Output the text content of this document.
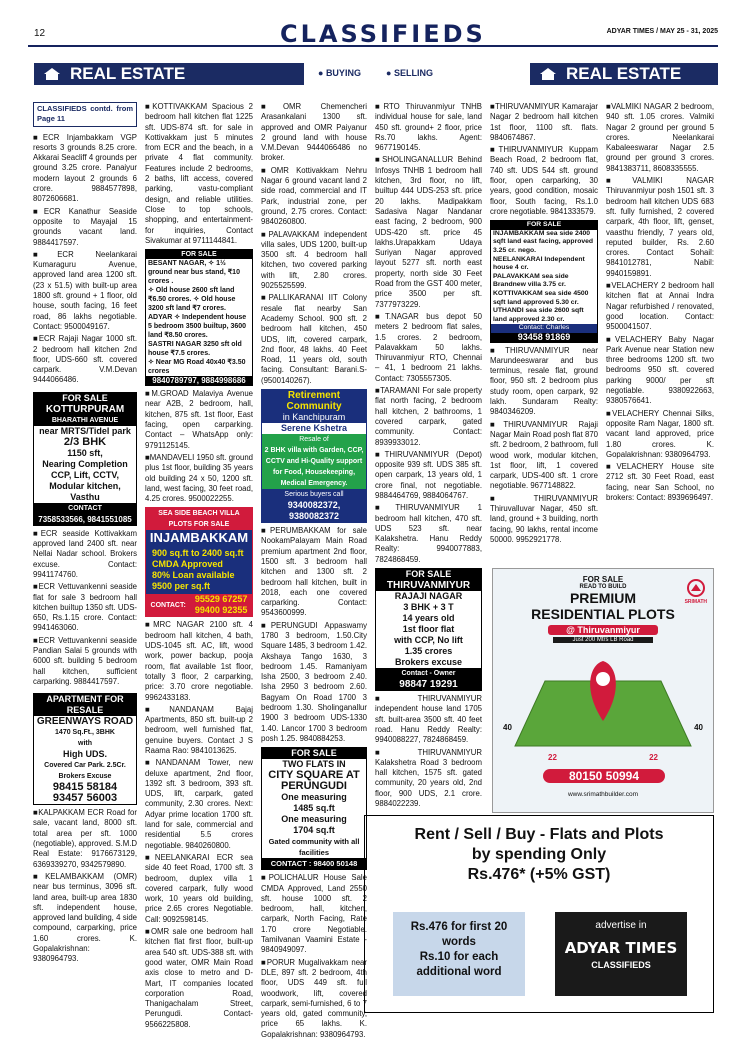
12	CLASSIFIEDS	ADYAR TIMES / MAY 25 - 31, 2025
REAL ESTATE	● BUYING	● SELLING	REAL ESTATE
CLASSIFIEDS contd. from Page 11

■ECR Injambakkam VGP resorts 3 grounds 8.25 crore. Akkarai Seacliff 4 grounds per ground 3.25 crore. Panaiyur modern layout 2 grounds 6 crore. 9884577898, 8072606681.

■ECR Kanathur Seaside opposite to Mayajal 15 grounds vacant land. 9884417597.

■ECR Neelankarai Kumaraguru Avenue, approved land area 1200 sft. (23 x 51.5) with built-up area 1800 sft. ground + 1 floor, old house, south facing, 16 feet road, 86 lakhs negotiable. Contact: 9500049167.

■ECR Rajaji Nagar 1000 sft. 2 bedroom hall kitchen 2nd floor, UDS-660 sft. covered carpark. V.M.Devan 9444066486.

FOR SALE
KOTTURPURAM
BHARATHI AVENUE
near MRTS/Tidel park
2/3 BHK
1150 sft,
Nearing Completion
CCP, Lift, CCTV,
Modular kitchen, Vasthu
CONTACT
7358533566, 9841551085

■ECR seaside Kottivakkam approved land 2400 sft. near Nellai Nadar school. Brokers excuse. Contact: 9941174760.

■ECR Vettuvankenni seaside flat for sale 3 bedroom hall kitchen builtup 1350 sft. UDS-650, Rs.1.15 crore. Contact: 9941463060.

■ECR Vettuvankenni seaside Pandian Salai 5 grounds with 6000 sft. building 5 bedroom hall kitchen, sufficient carparking. 9884417597.

APARTMENT FOR RESALE
GREENWAYS ROAD
1470 Sq.Ft., 3BHK
with
High UDS.
Covered Car Park. 2.5Cr.
Brokers Excuse
98415 58184
93457 56003

■KALPAKKAM ECR Road for sale, vacant land, 8000 sft. total area per sft. 1000 (negotiable), approved. S.M.D Real Estate: 9176673129, 6369339270, 9342579890.

■KELAMBAKKAM (OMR) near bus terminus, 3096 sft. land area, built-up area 1830 sft. independent house, approved land building, 4 side compound, carparking, price 1.60 crores. K. Gopalakrishnan: 9380964793.

■KOTTIVAKKAM Spacious 2 bedroom hall kitchen flat 1225 sft. UDS-874 sft. for sale in Kottivakkam just 5 minutes from ECR and the beach, in a private 4 flat community. Features include 2 bedrooms, 2 baths, lift access, covered parking, vastu-compliant design, and reliable utilities. Close to top schools, shopping, and entertainment- for inquiries, Contact Sivakumar at 9711144841.

FOR SALE
BESANT NAGAR, ✧ 1½ ground near bus stand, ₹10 crores .
✧ Old house 2600 sft land ₹6.50 crores. ✧ Old house 3200 sft land ₹7 crores.
ADYAR ✧ Independent house 5 bedroom 3500 builtup, 3600 land ₹8.50 crores.
SASTRI NAGAR 3250 sft old house ₹7.5 crores.
✧ Near MG Road 40x40 ₹3.50 crores
9840789797, 9884998686

■M.GROAD Malaviya Avenue near A2B, 2 bedroom, hall, kitchen, 875 sft. 1st floor, East facing, open carparking. Contact – WhatsApp only: 9791125145.

■MANDAVELI 1950 sft. ground plus 1st floor, building 35 years old building 24 x 50, 1200 sft. land, west facing, 30 feet road, 4.25 crores. 9500022255.

SEA SIDE BEACH VILLA PLOTS FOR SALE
INJAMBAKKAM
900 sq.ft to 2400 sq.ft
CMDA Approved
80% Loan available
9500 per sq.ft
CONTACT:
95529 67257
99400 92355

■MRC NAGAR 2100 sft. 4 bedroom hall kitchen, 4 bath, UDS-1045 sft. AC, lift, wood work, power backup, pooja room, flat available 1st floor, totally 3 floor, 2 carparking, price: 3.70 crore negotiable. 9962433183.

■NANDANAM Bajaj Apartments, 850 sft. built-up 2 bedroom, well furnished flat, genuine buyers. Contact J S Raama Rao: 9841013625.

■NANDANAM Tower, new deluxe apartment, 2nd floor, 1392 sft. 3 bedroom, 393 sft. UDS, lift, carpark, gated community, 2.30 crores. Next: Adyar prime location 1700 sft. land for sale, commercial and residential 5.5 crores negotiable. 9840260800.

■NEELANKARAI ECR sea side 40 feet Road, 1700 sft. 3 bedroom, duplex villa 1 covered carpark, fully wood work, 10 years old building, price 2.65 crores Negotiable. Call: 9092598145.

■OMR sale one bedroom hall kitchen flat first floor, built-up area 540 sft. UDS-388 sft. with good water, OMR Main Road axis close to metro and D-Mart, IT companies located corporation Road, Thanigachalam Street, Perungudi. Contact- 9566225808.

■OMR Chemencheri Arasankalani 1300 sft. approved and OMR Paiyanur 2 ground land with house V.M.Devan 9444066486 no broker.

■OMR Kottivakkam Nehru Nagar 6 ground vacant land 2 side road, commercial and IT Park, industrial zone, per ground, 2.75 crores. Contact: 9840260800.

■PALAVAKKAM independent villa sales, UDS 1200, built-up 3500 sft. 4 bedroom hall kitchen, two covered parking with lift, 2.80 crores. 9025525599.

■PALLIKARANAI IIT Colony resale flat nearby San Academy School. 900 sft. 2 bedroom hall kitchen, 450 UDS, lift, covered carpark, 2nd floor, 48 lakhs. 40 Feet Road, 11 years old, south facing. Consultant: Barani.S- (9500140267).

Retirement Community
in Kanchipuram
Serene Kshetra
Resale of
2 BHK villa with Garden, CCP, CCTV and Hi-Quality support for Food, Housekeeping, Medical Emergency.
Serious buyers call
9340082372, 9380082372

■PERUMBAKKAM for sale NookamPalayam Main Road premium apartment 2nd floor, 1500 sft. 3 bedroom hall kitchen and 1300 sft. 2 bedroom hall kitchen, built in 2018, each one covered carparking. Contact: 9543600999.

■PERUNGUDI Appaswamy 1780 3 bedroom, 1.50.City Square 1485, 3 bedroom 1.42. Akshaya Tango 1630, 3 bedroom 1.45. Ramaniyam Isha 2500, 3 bedroom 2.40. Isha 2950 3 bedroom 2.60. Bagyam On Road 1700 3 bedroom 1.30. Sholinganallur 1900 3 bedroom UDS-1330 1.40. Lancor 1700 3 bedroom posh 1.25. 9840884253.

FOR SALE
TWO FLATS IN
CITY SQUARE AT PERUNGUDI
One measuring
1485 sq.ft
One measuring
1704 sq.ft
Gated community with all facilities
CONTACT : 98400 50148

■POLICHALUR House Sale CMDA Approved, Land 2550 sft. house 1000 sft. 2 bedroom, hall, kitchen, carpark, North Facing, Rate 1.70 crore Negotiable. Tamilvanan Vaamini Estate - 9840949097.

■PORUR Mugalivakkam near DLE, 897 sft. 2 bedroom, 4th floor, UDS 449 sft. full woodwork, lift, covered carpark, semi-furnished, 6 to 7 years old, gated community, price 65 lakhs. K. Gopalakrishnan: 9380964793.

■RTO Thiruvanmiyur TNHB individual house for sale, land 450 sft. ground+ 2 floor, price Rs.70 lakhs. Agent: 9677190145.

■SHOLINGANALLUR Behind Infosys TNHB 1 bedroom hall kitchen, 3rd floor, no lift, builtup 444 UDS-253 sft. price 20 lakhs. Madipakkam Sadasiva Nagar Nandanar east facing, 2 bedroom, 900 UDS-420 sft. price 45 lakhs.Urapakkam Udaya Suriyan Nagar approved layout 5277 sft. north east property, north side 30 Feet Road from the GST 400 meter, price 3500 per sft. 7377973229.

■T.NAGAR bus depot 50 meters 2 bedroom flat sales, 1.5 crores. 2 bedroom, Palavakkam 50 lakhs. Thiruvanmiyur RTO, Chennai – 41, 1 bedroom 21 lakhs. Contact: 7305557305.

■TARAMANI For sale property flat north facing, 2 bedroom hall kitchen, 2 bathrooms, 1 covered carpark, gated community. Contact: 8939933012.

■THIRUVANMIYUR (Depot) opposite 939 sft. UDS 385 sft. open carpark, 13 years old, 1 crore final, not negotiable. 9884464769, 9884064767.

■THIRUVANMIYUR 1 bedroom hall kitchen, 470 sft. UDS 523 sft. near Kalakshetra. Hanu Reddy Realty: 9940077883, 7824868459.

FOR SALE
THIRUVANMIYUR
RAJAJI NAGAR
3 BHK + 3 T
14 years old
1st floor flat
with CCP, No lift
1.35 crores
Brokers excuse
Contact - Owner
98847 19291

■THIRUVANMIYUR independent house land 1705 sft. built-area 3500 sft. 40 feet road. Hanu Reddy Realty: 9940088227, 7824868459.

■THIRUVANMIYUR Kalakshetra Road 3 bedroom hall kitchen, 1575 sft. gated community, 20 years old, 2nd floor, 900 UDS, 2.1 crore. 9884022239.

■THIRUVANMIYUR Kamarajar Nagar 2 bedroom hall kitchen 1st floor, 1100 sft. flats. 9840674867.

■THIRUVANMIYUR Kuppam Beach Road, 2 bedroom flat, 740 sft. UDS 544 sft. ground floor, open carparking, 30 years, good condition, mosaic floor, South facing, Rs.1.0 crore negotiable. 9841333579.

FOR SALE
INJAMBAKKAM sea side 2400 sqft land east facing, approved 3.25 cr. nego.
NEELANKARAI Independent house 4 cr.
PALAVAKKAM sea side Brandnew villa 3.75 cr.
KOTTIVAKKAM sea side 4500 sqft land approved 5.30 cr.
UTHANDI sea side 2600 sqft land approved 2.30 cr.
Contact: Charles
93458 91869

■THIRUVANMIYUR near Marundeeswarar and bus terminus, resale flat, ground floor, 950 sft. 2 bedroom plus study room, open carpark, 92 lakh. Sundaram Realty: 9840346209.

■THIRUVANMIYUR Rajaji Nagar Main Road posh flat 870 sft. 2 bedroom, 2 bathroom, full wood work, modular kitchen, 1st floor, lift, 1 covered carpark, UDS-400 sft. 1 crore negotiable. 9677148822.

■THIRUVANMIYUR Thiruvalluvar Nagar, 450 sft. land, ground + 3 building, north facing, 90 lakhs, rental income 50000. 9952921778.

■VALMIKI NAGAR 2 bedroom, 940 sft. 1.05 crores. Valmiki Nagar 2 ground per ground 5 crores. Neelankarai Kabaleeswarar Nagar 2.5 ground per ground 3 crores. 9841383711, 8608335555.

■VALMIKI NAGAR Thiruvanmiyur posh 1501 sft. 3 bedroom hall kitchen UDS 683 sft. fully furnished, 2 covered carpark, 4th floor, lift, genset, vaasthu friendly, 7 years old, reputed builder, Rs. 2.60 crores. Contact Sohail: 9841012781, Nabil: 9940159891.

■VELACHERY 2 bedroom hall kitchen flat at Annai Indra Nagar refurbished / renovated, good location. Contact: 9500041507.

■VELACHERY Baby Nagar Park Avenue near Station new three bedrooms 1200 sft. two bedrooms 950 sft. covered parking 9000/ per sft negotiable. 9380922663, 9380576641.

■VELACHERY Chennai Silks, opposite Ram Nagar, 1800 sft. vacant land approved, price 1.80 crores. K. Gopalakrishnan: 9380964793.

■VELACHERY House site 2712 sft. 30 Feet Road, east facing, near San School, no brokers: Contact: 8939696497.

FOR SALE
READ TO BUILD
PREMIUM
RESIDENTIAL PLOTS
@ Thiruvanmiyur
Just 200 Mtrs LB Road
SRIMATH
40	40
22	22
80150 50994
www.srimathbuilder.com
Rent / Sell / Buy - Flats and Plots
by spending Only
Rs.476* (+5% GST)
Rs.476 for first 20 words
Rs.10 for each additional word
advertise in
ADYAR TIMES
CLASSIFIEDS
